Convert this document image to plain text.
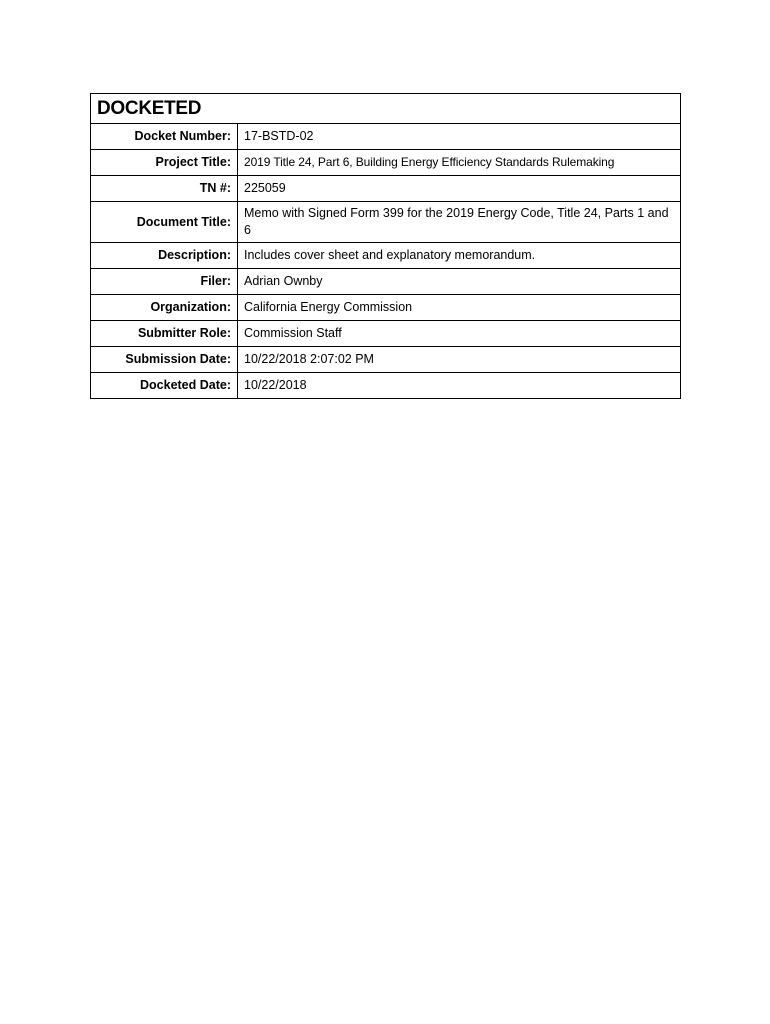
DOCKETED	
Docket Number:	17-BSTD-02
Project Title:	2019 Title 24, Part 6, Building Energy Efficiency Standards Rulemaking
TN #:	225059
Document Title:	Memo with Signed Form 399 for the 2019 Energy Code, Title 24, Parts 1 and 6
Description:	Includes cover sheet and explanatory memorandum.
Filer:	Adrian Ownby
Organization:	California Energy Commission
Submitter Role:	Commission Staff
Submission Date:	10/22/2018 2:07:02 PM
Docketed Date:	10/22/2018
